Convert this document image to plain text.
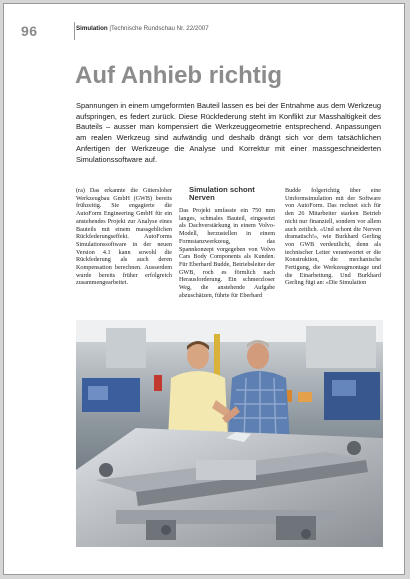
96	Simulation |Technische Rundschau Nr. 22/2007
Auf Anhieb richtig

Spannungen in einem umgeformten Bauteil lassen es bei der Entnahme aus dem Werkzeug aufspringen, es federt zurück. Diese Rückfederung steht im Konflikt zur Masshaltigkeit des Bauteils – ausser man kompensiert die Werkzeuggeometrie entsprechend. Anpassungen am realen Werkzeug sind aufwändig und deshalb drängt sich vor dem tatsächlichen Anfertigen der Werkzeuge die Analyse und Korrektur mit einer massgeschneiderten Simulationssoftware auf.

(ra) Das erkannte die Gütersloher Werkzeugbau GmbH (GWB) bereits frühzeitig. Sie engagierte die AutoForm Engineering GmbH für ein anstehendes Projekt zur Analyse eines Bauteils mit einem massgeblichen Rückfederungseffekt. AutoForms Simulationssoftware in der neuen Version 4.1 kann sowohl die Rückfederung als auch deren Kompensation berechnen. Ausserdem wurde bereits früher erfolgreich zusammengearbeitet.

Simulation schont Nerven

Das Projekt umfasste ein 750 mm langes, schmales Bauteil, eingesetzt als Dachverstärkung in einem Volvo-Modell, herzustellen in einem Formstanzwerkzeug, das Spannkonzept vorgegeben von Volvo Cars Body Components als Kunden. Für Eberhard Budde, Betriebsleiter der GWB, roch es förmlich nach Herausforderung. Ein schmerzloser Weg, die anstehende Aufgabe abzuschätzen, führte für Eberhard

Budde folgerichtig über eine Umformsimulation mit der Software von AutoForm. Das rechnet sich für den 26 Mitarbeiter starken Betrieb nicht nur finanziell, sondern vor allem auch zeitlich. «Und schont die Nerven dramatisch!», wie Burkhard Gerling von GWB verdeutlicht, denn als technischer Leiter verantwortet er die Konstruktion, die mechanische Fertigung, die Werkzeugmontage und die Einarbeitung. Und Burkhard Gerling fügt an: «Die Simulation
